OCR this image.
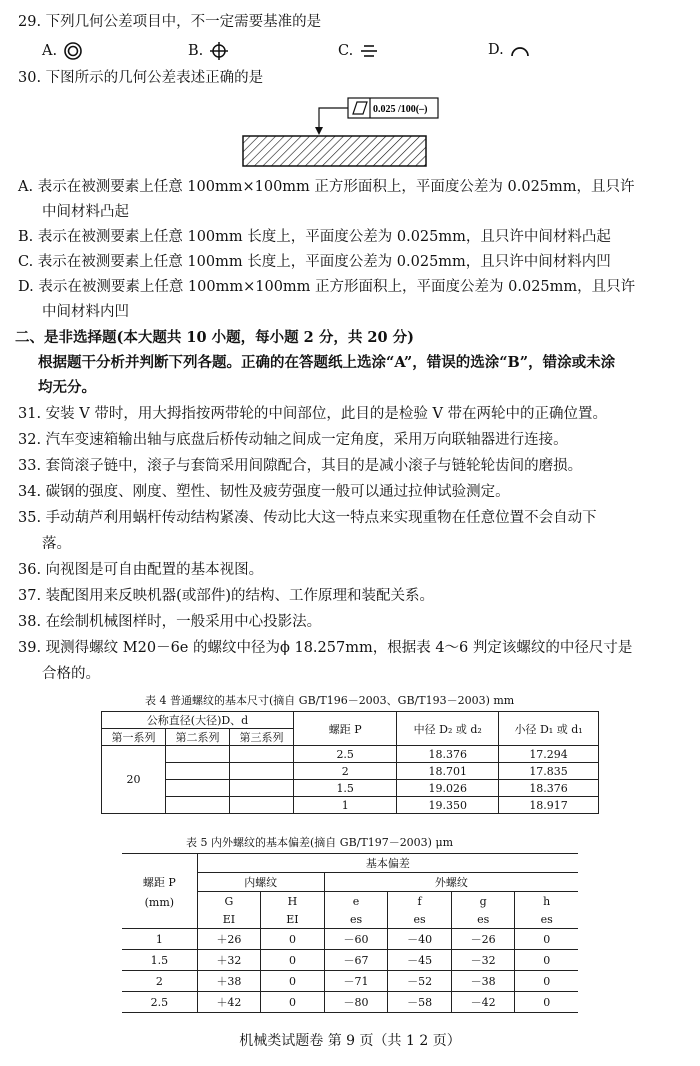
29. 下列几何公差项目中，不一定需要基准的是
A.	B.	C.	D.
30. 下图所示的几何公差表述正确的是
0.025 /100(–)
A. 表示在被测要素上任意 100mm×100mm 正方形面积上，平面度公差为 0.025mm，且只许
中间材料凸起
B. 表示在被测要素上任意 100mm 长度上，平面度公差为 0.025mm，且只许中间材料凸起
C. 表示在被测要素上任意 100mm 长度上，平面度公差为 0.025mm，且只许中间材料内凹
D. 表示在被测要素上任意 100mm×100mm 正方形面积上，平面度公差为 0.025mm，且只许
中间材料内凹
二、是非选择题(本大题共 10 小题，每小题 2 分，共 20 分)
根据题干分析并判断下列各题。正确的在答题纸上选涂“A”，错误的选涂“B”，错涂或未涂
均无分。
31. 安装 V 带时，用大拇指按两带轮的中间部位，此目的是检验 V 带在两轮中的正确位置。
32. 汽车变速箱输出轴与底盘后桥传动轴之间成一定角度，采用万向联轴器进行连接。
33. 套筒滚子链中，滚子与套筒采用间隙配合，其目的是减小滚子与链轮轮齿间的磨损。
34. 碳钢的强度、刚度、塑性、韧性及疲劳强度一般可以通过拉伸试验测定。
35. 手动葫芦利用蜗杆传动结构紧凑、传动比大这一特点来实现重物在任意位置不会自动下
落。
36. 向视图是可自由配置的基本视图。
37. 装配图用来反映机器(或部件)的结构、工作原理和装配关系。
38. 在绘制机械图样时，一般采用中心投影法。
39. 现测得螺纹 M20－6e 的螺纹中径为ϕ 18.257mm，根据表 4～6 判定该螺纹的中径尺寸是
合格的。
表 4 普通螺纹的基本尺寸(摘自 GB/T196－2003、GB/T193－2003) mm
公称直径(大径)D、d			螺距 P	中径 D₂ 或 d₂	小径 D₁ 或 d₁
第一系列	第二系列	第三系列			
20			2.5	18.376	17.294
			2	18.701	17.835
			1.5	19.026	18.376
			1	19.350	18.917
表 5 内外螺纹的基本偏差(摘自 GB/T197－2003) μm
螺距 P
(mm)	基本偏差					
	内螺纹		外螺纹			
	G	H	e	f	g	h
	EI	EI	es	es	es	es
1	＋26	0	－60	－40	－26	0
1.5	＋32	0	－67	－45	－32	0
2	＋38	0	－71	－52	－38	0
2.5	＋42	0	－80	－58	－42	0
机械类试题卷 第 9 页（共 1 2 页）
